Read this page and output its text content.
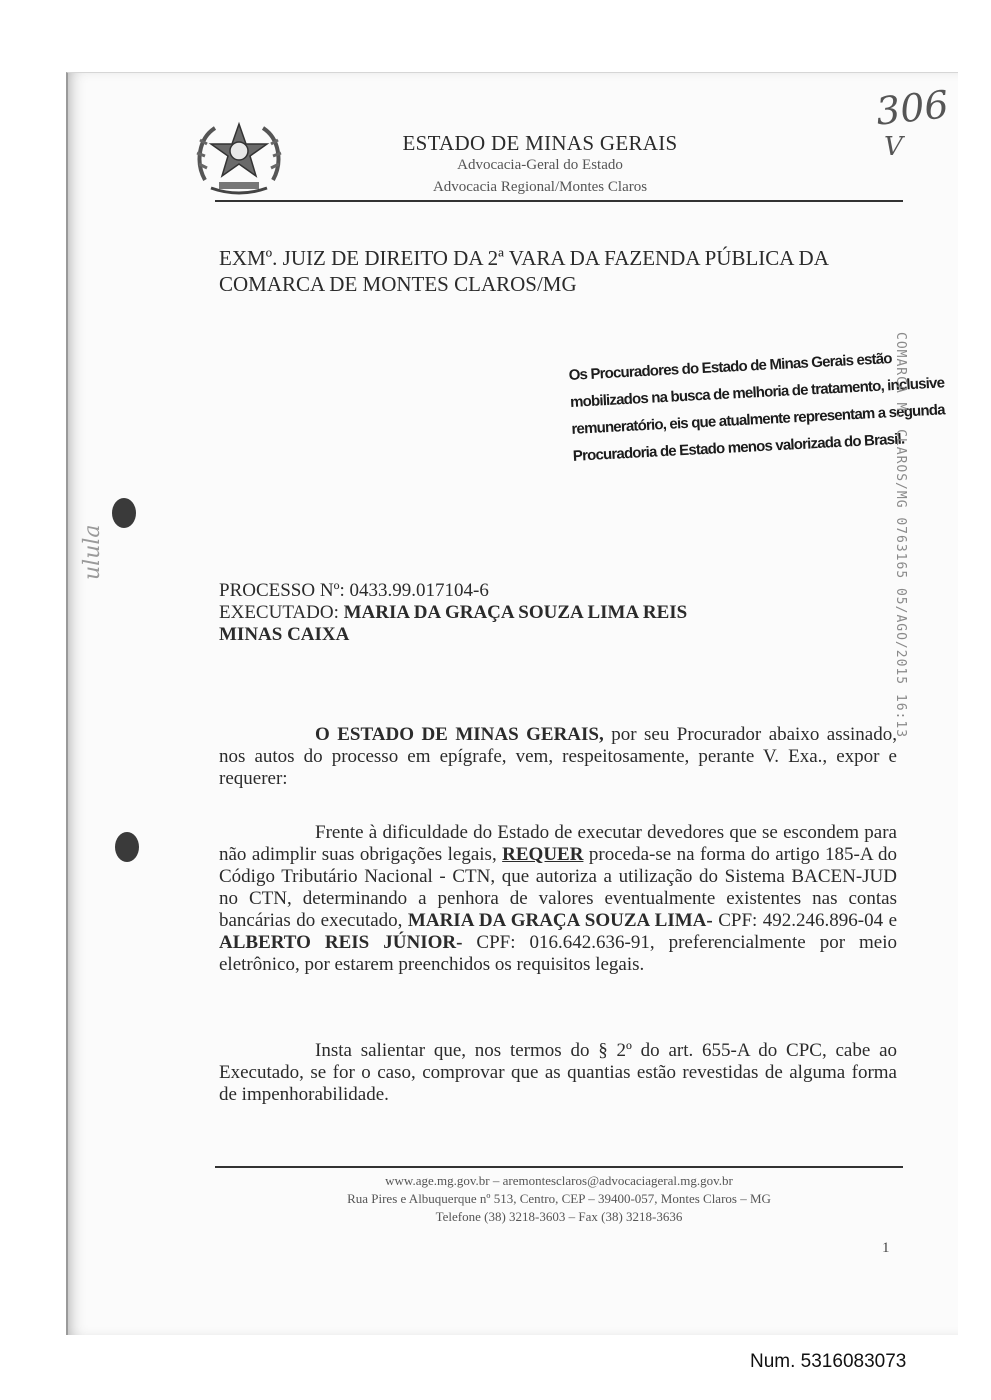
ESTADO DE MINAS GERAIS
Advocacia-Geral do Estado
Advocacia Regional/Montes Claros
306
V
ulula
EXMº. JUIZ DE DIREITO DA 2ª VARA DA FAZENDA PÚBLICA DA COMARCA DE MONTES CLAROS/MG
Os Procuradores do Estado de Minas Gerais estão
mobilizados na busca de melhoria de tratamento, inclusive
remuneratório, eis que atualmente representam a segunda
Procuradoria de Estado menos valorizada do Brasil.
COMARCA M. CLAROS/MG 0763165 05/AGO/2015 16:13
PROCESSO Nº: 0433.99.017104-6
EXECUTADO: MARIA DA GRAÇA SOUZA LIMA REIS
MINAS CAIXA
O ESTADO DE MINAS GERAIS, por seu Procurador abaixo assinado, nos autos do processo em epígrafe, vem, respeitosamente, perante V. Exa., expor e requerer:
Frente à dificuldade do Estado de executar devedores que se escondem para não adimplir suas obrigações legais, REQUER proceda-se na forma do artigo 185-A do Código Tributário Nacional - CTN, que autoriza a utilização do Sistema BACEN-JUD no CTN, determinando a penhora de valores eventualmente existentes nas contas bancárias do executado, MARIA DA GRAÇA SOUZA LIMA- CPF: 492.246.896-04 e ALBERTO REIS JÚNIOR- CPF: 016.642.636-91, preferencialmente por meio eletrônico, por estarem preenchidos os requisitos legais.
Insta salientar que, nos termos do § 2º do art. 655-A do CPC, cabe ao Executado, se for o caso, comprovar que as quantias estão revestidas de alguma forma de impenhorabilidade.
www.age.mg.gov.br – aremontesclaros@advocaciageral.mg.gov.br
Rua Pires e Albuquerque nº 513, Centro, CEP – 39400-057, Montes Claros – MG
Telefone (38) 3218-3603 – Fax (38) 3218-3636
1
Num. 5316083073
